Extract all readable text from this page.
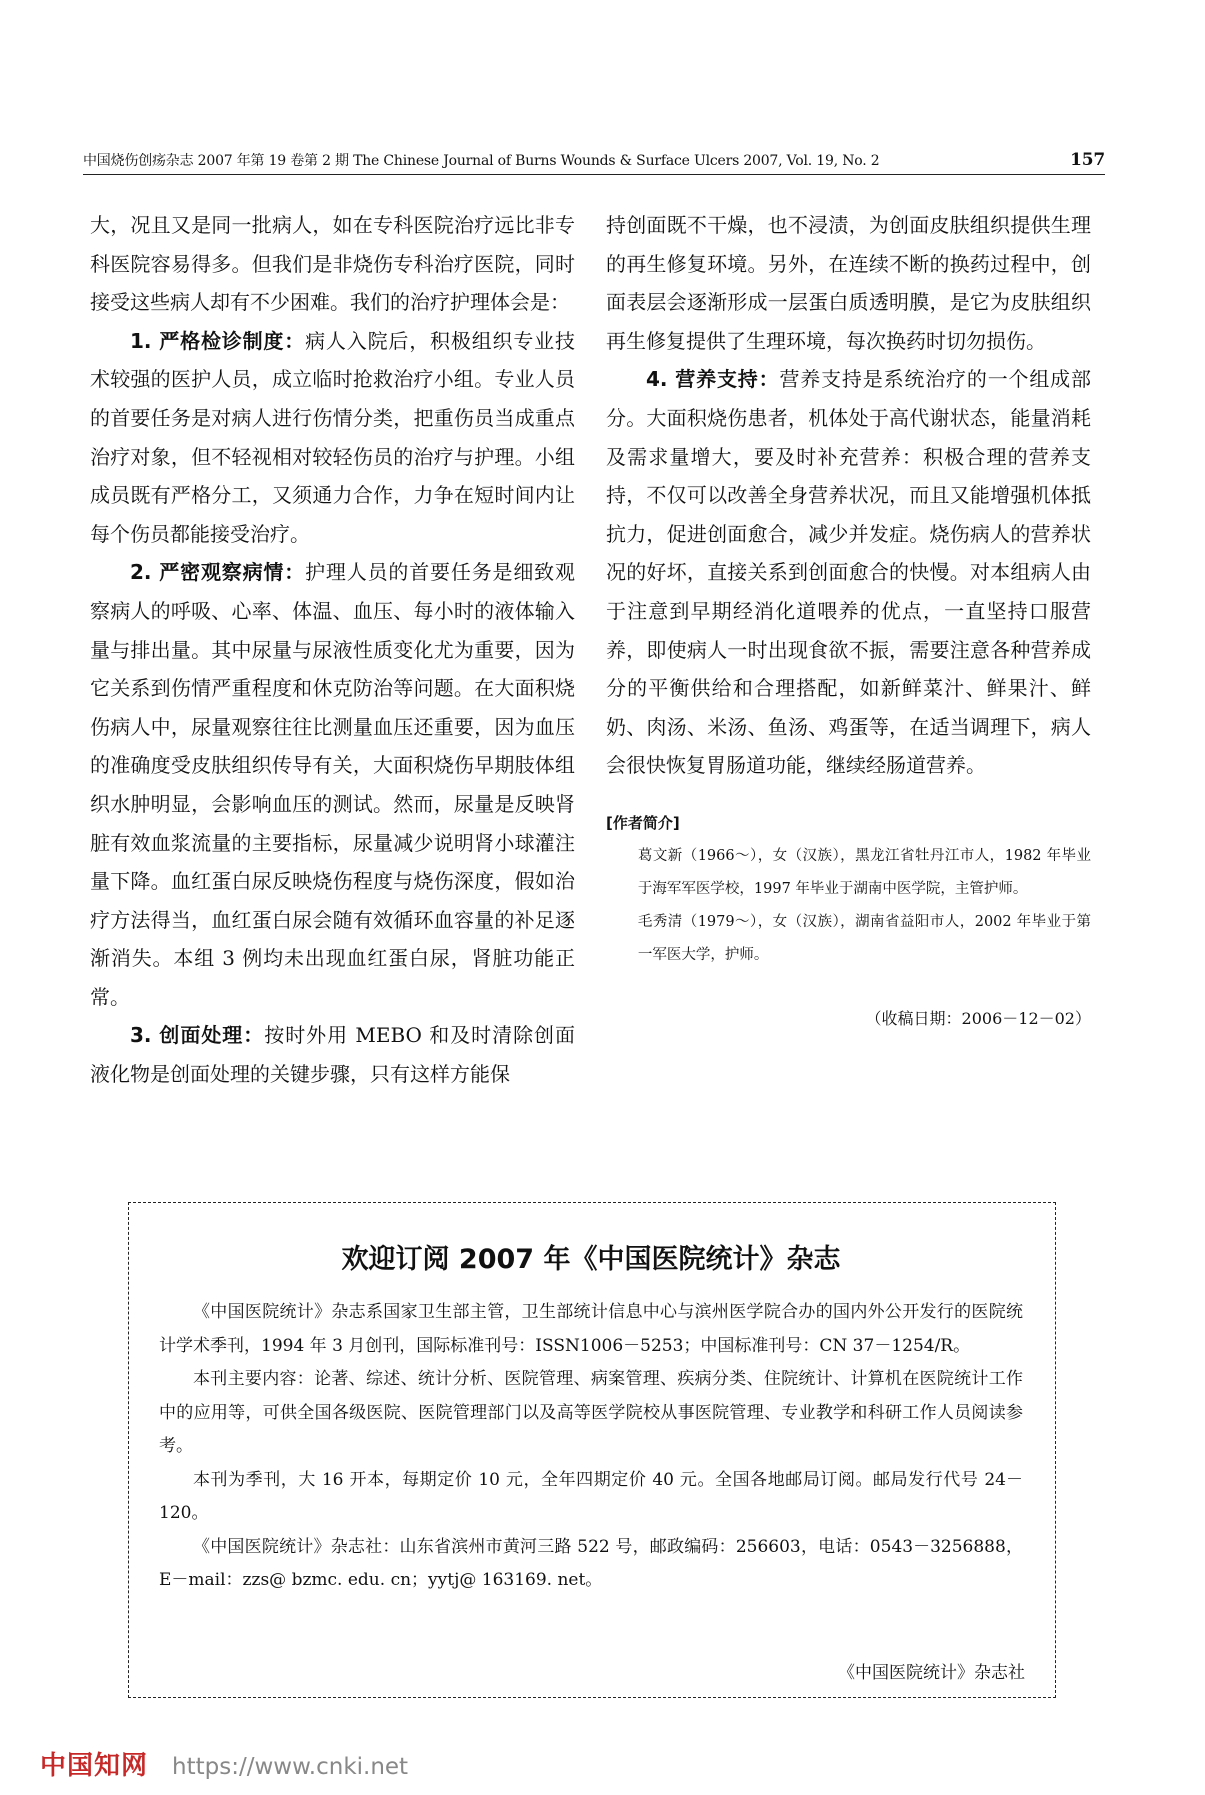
中国烧伤创疡杂志 2007 年第 19 卷第 2 期 The Chinese Journal of Burns Wounds & Surface Ulcers 2007, Vol. 19, No. 2	157

大，况且又是同一批病人，如在专科医院治疗远比非专科医院容易得多。但我们是非烧伤专科治疗医院，同时接受这些病人却有不少困难。我们的治疗护理体会是：

1. 严格检诊制度：病人入院后，积极组织专业技术较强的医护人员，成立临时抢救治疗小组。专业人员的首要任务是对病人进行伤情分类，把重伤员当成重点治疗对象，但不轻视相对较轻伤员的治疗与护理。小组成员既有严格分工，又须通力合作，力争在短时间内让每个伤员都能接受治疗。

2. 严密观察病情：护理人员的首要任务是细致观察病人的呼吸、心率、体温、血压、每小时的液体输入量与排出量。其中尿量与尿液性质变化尤为重要，因为它关系到伤情严重程度和休克防治等问题。在大面积烧伤病人中，尿量观察往往比测量血压还重要，因为血压的准确度受皮肤组织传导有关，大面积烧伤早期肢体组织水肿明显，会影响血压的测试。然而，尿量是反映肾脏有效血浆流量的主要指标，尿量减少说明肾小球灌注量下降。血红蛋白尿反映烧伤程度与烧伤深度，假如治疗方法得当，血红蛋白尿会随有效循环血容量的补足逐渐消失。本组 3 例均未出现血红蛋白尿，肾脏功能正常。

3. 创面处理：按时外用 MEBO 和及时清除创面液化物是创面处理的关键步骤，只有这样方能保

持创面既不干燥，也不浸渍，为创面皮肤组织提供生理的再生修复环境。另外，在连续不断的换药过程中，创面表层会逐渐形成一层蛋白质透明膜，是它为皮肤组织再生修复提供了生理环境，每次换药时切勿损伤。

4. 营养支持：营养支持是系统治疗的一个组成部分。大面积烧伤患者，机体处于高代谢状态，能量消耗及需求量增大，要及时补充营养：积极合理的营养支持，不仅可以改善全身营养状况，而且又能增强机体抵抗力，促进创面愈合，减少并发症。烧伤病人的营养状况的好坏，直接关系到创面愈合的快慢。对本组病人由于注意到早期经消化道喂养的优点，一直坚持口服营养，即使病人一时出现食欲不振，需要注意各种营养成分的平衡供给和合理搭配，如新鲜菜汁、鲜果汁、鲜奶、肉汤、米汤、鱼汤、鸡蛋等，在适当调理下，病人会很快恢复胃肠道功能，继续经肠道营养。

[作者简介]

葛文新（1966～），女（汉族），黑龙江省牡丹江市人，1982 年毕业于海军军医学校，1997 年毕业于湖南中医学院，主管护师。

毛秀清（1979～），女（汉族），湖南省益阳市人，2002 年毕业于第一军医大学，护师。

（收稿日期：2006－12－02）
欢迎订阅 2007 年《中国医院统计》杂志

《中国医院统计》杂志系国家卫生部主管，卫生部统计信息中心与滨州医学院合办的国内外公开发行的医院统计学术季刊，1994 年 3 月创刊，国际标准刊号：ISSN1006－5253；中国标准刊号：CN 37－1254/R。

本刊主要内容：论著、综述、统计分析、医院管理、病案管理、疾病分类、住院统计、计算机在医院统计工作中的应用等，可供全国各级医院、医院管理部门以及高等医学院校从事医院管理、专业教学和科研工作人员阅读参考。

本刊为季刊，大 16 开本，每期定价 10 元，全年四期定价 40 元。全国各地邮局订阅。邮局发行代号 24－120。

《中国医院统计》杂志社：山东省滨州市黄河三路 522 号，邮政编码：256603，电话：0543－3256888，E－mail：zzs@ bzmc. edu. cn；yytj@ 163169. net。

《中国医院统计》杂志社
中国知网 https://www.cnki.net
